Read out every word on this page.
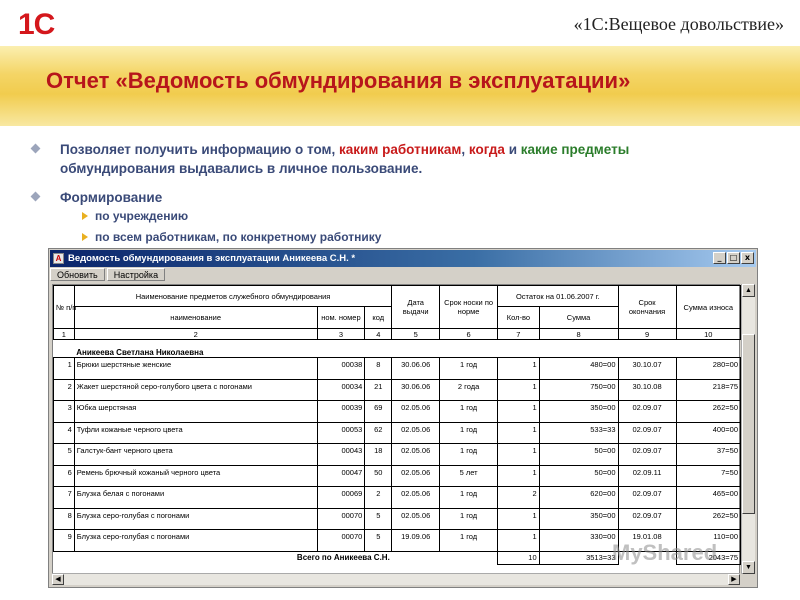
1С	«1С:Вещевое довольствие»
Отчет «Ведомость обмундирования в эксплуатации»
Позволяет получить информацию о том, каким работникам, когда и какие предметы
обмундирования выдавались в личное пользование.
Формирование
по учреждению
по всем работникам, по конкретному работнику
A Ведомость обмундирования в эксплуатации Аникеева С.Н. *	_	□ x
Обновить	Настройка
№ п/п	Наименование предметов служебного обмундирования			Дата выдачи	Срок носки по норме	Остаток на 01.06.2007 г.		Срок окончания	Сумма износа
	наименование	ном. номер	код			Кол-во	Сумма		
1	2	3	4	5	6	7	8	9	10
	Аникеева Светлана Николаевна								
1	Брюки шерстяные женские	00038	8	30.06.06	1 год	1	480=00	30.10.07	280=00
2	Жакет шерстяной серо-голубого цвета с погонами	00034	21	30.06.06	2 года	1	750=00	30.10.08	218=75
3	Юбка шерстяная	00039	69	02.05.06	1 год	1	350=00	02.09.07	262=50
4	Туфли кожаные черного цвета	00053	62	02.05.06	1 год	1	533=33	02.09.07	400=00
5	Галстук-бант черного цвета	00043	18	02.05.06	1 год	1	50=00	02.09.07	37=50
6	Ремень брючный кожаный черного цвета	00047	50	02.05.06	5 лет	1	50=00	02.09.11	7=50
7	Блузка белая с погонами	00069	2	02.05.06	1 год	2	620=00	02.09.07	465=00
8	Блузка серо-голубая с погонами	00070	5	02.05.06	1 год	1	350=00	02.09.07	262=50
9	Блузка серо-голубая с погонами	00070	5	19.09.06	1 год	1	330=00	19.01.08	110=00
	Всего по Аникеева С.Н.					10	3513=33		2043=75
▲
▼
◀	▶
MyShared
